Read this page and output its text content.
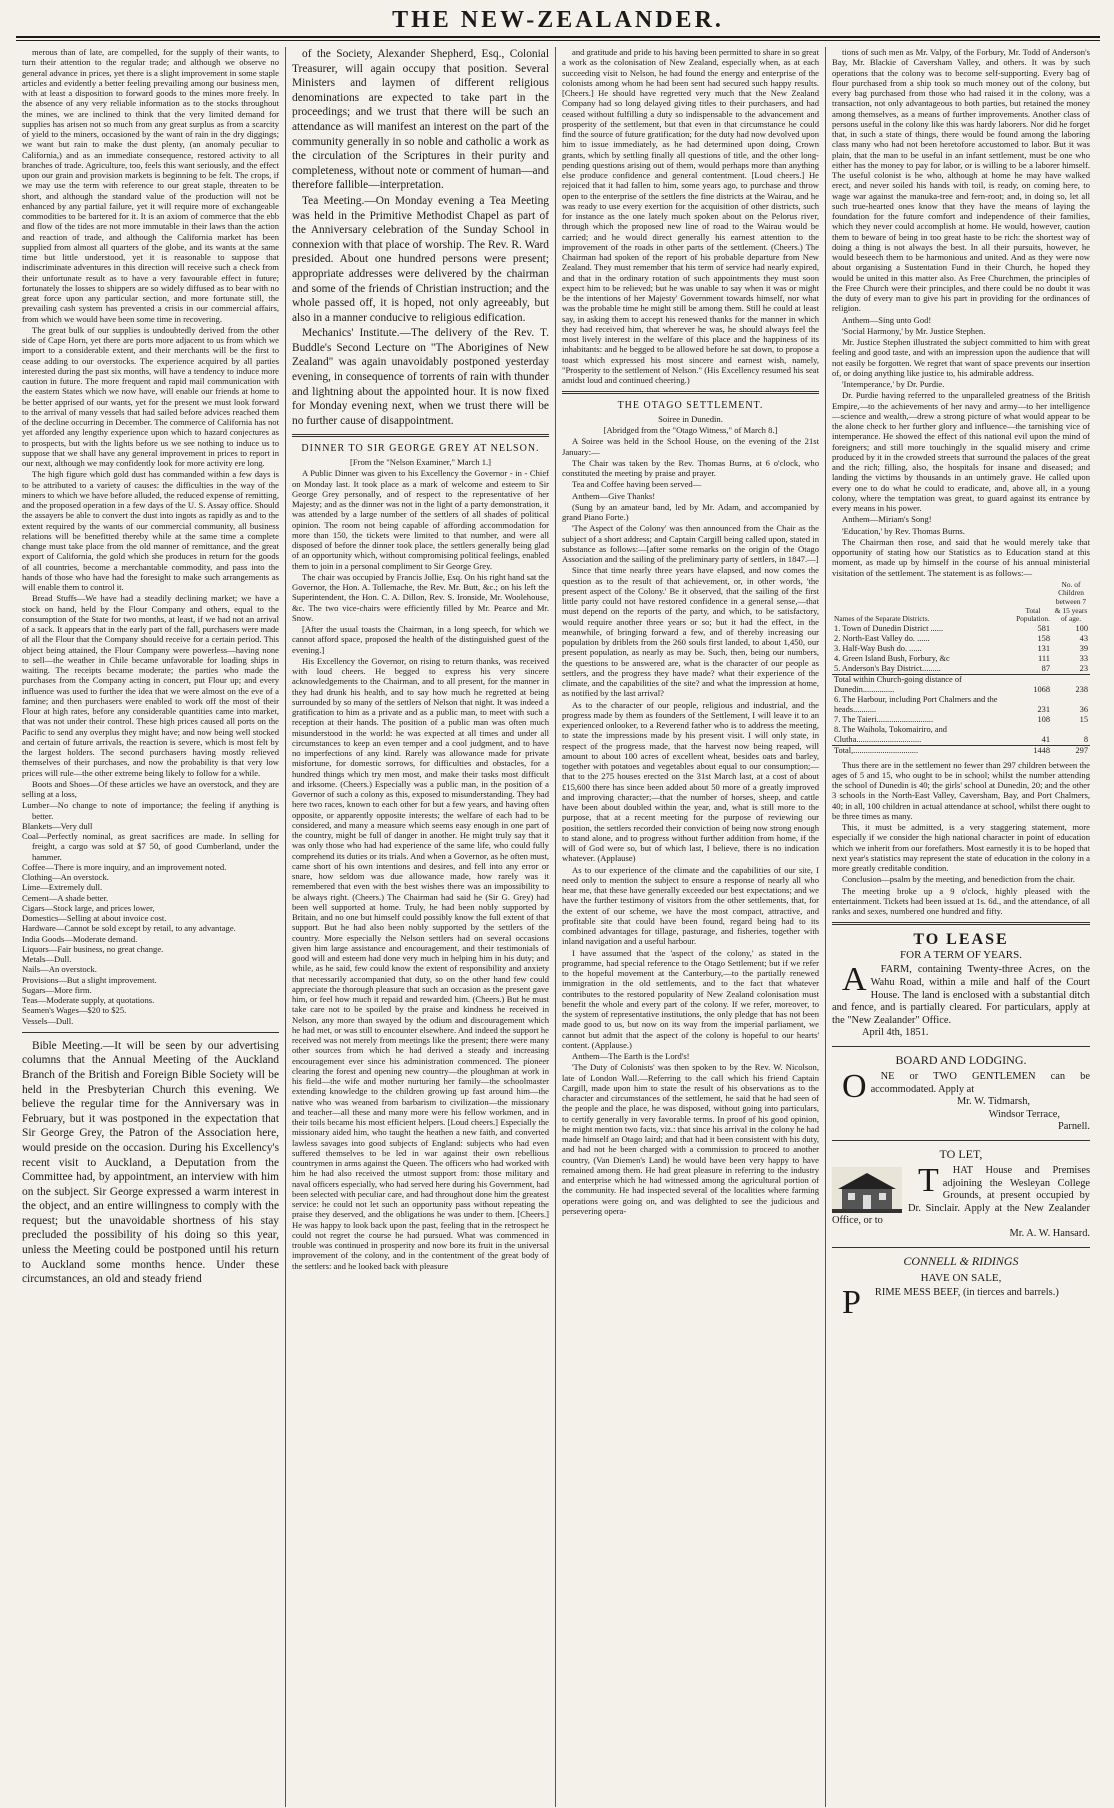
THE NEW-ZEALANDER.

merous than of late, are compelled, for the supply of their wants, to turn their attention to the regular trade; and although we observe no general advance in prices, yet there is a slight improvement in some staple articles and evidently a better feeling prevailing among our business men, with at least a disposition to forward goods to the mines more freely. In the absence of any very reliable information as to the stocks throughout the mines, we are inclined to think that the very limited demand for supplies has arisen not so much from any great surplus as from a scarcity of yield to the miners, occasioned by the want of rain in the dry diggings; we want but rain to make the dust plenty, (an anomaly peculiar to California,) and as an immediate consequence, restored activity to all branches of trade. Agriculture, too, feels this want seriously, and the effect upon our grain and provision markets is beginning to be felt. The crops, if we may use the term with reference to our great staple, threaten to be short, and although the standard value of the production will not be enhanced by any partial failure, yet it will require more of exchangeable commodities to be bartered for it. It is an axiom of commerce that the ebb and flow of the tides are not more immutable in their laws than the action and reaction of trade, and although the California market has been supplied from almost all quarters of the globe, and its wants at the same time but little understood, yet it is reasonable to suppose that indiscriminate adventures in this direction will receive such a check from their unfortunate result as to have a very favourable effect in future; fortunately the losses to shippers are so widely diffused as to bear with no great force upon any particular section, and more fortunate still, the prevailing cash system has prevented a crisis in our commercial affairs, from which we would have been some time in recovering.

The great bulk of our supplies is undoubtedly derived from the other side of Cape Horn, yet there are ports more adjacent to us from which we import to a considerable extent, and their merchants will be the first to cease adding to our overstocks. The experience acquired by all parties interested during the past six months, will have a tendency to induce more caution in future. The more frequent and rapid mail communication with the eastern States which we now have, will enable our friends at home to be better apprised of our wants, yet for the present we must look forward to the arrival of many vessels that had sailed before advices reached them of the decline occurring in December. The commerce of California has not yet afforded any lengthy experience upon which to hazard conjectures as to prospects, but with the lights before us we see nothing to induce us to suppose that we shall have any general improvement in prices to report in our next, although we may confidently look for more activity ere long.

The high figure which gold dust has commanded within a few days is to be attributed to a variety of causes: the difficulties in the way of the miners to which we have before alluded, the reduced expense of remitting, and the proposed operation in a few days of the U. S. Assay office. Should the assayers be able to convert the dust into ingots as rapidly as and to the extent required by the wants of our commercial community, all business relations will be benefitted thereby while at the same time a complete change must take place from the old manner of remittance, and the great export of California, the gold which she produces in return for the goods of all countries, become a merchantable commodity, and pass into the hands of those who have had the foresight to make such arrangements as will enable them to control it.

Bread Stuffs—We have had a steadily declining market; we have a stock on hand, held by the Flour Company and others, equal to the consumption of the State for two months, at least, if we had not an arrival of a sack. It appears that in the early part of the fall, purchasers were made of all the Flour that the Company should receive for a certain period. This object being attained, the Flour Company were powerless—having none to sell—the weather in Chile became unfavorable for loading ships in waiting. The receipts became moderate; the parties who made the purchases from the Company acting in concert, put Flour up; and every influence was used to further the idea that we were almost on the eve of a famine; and then purchasers were enabled to work off the most of their Flour at high rates, before any considerable quantities came into market, that was not under their control. These high prices caused all ports on the Pacific to send any overplus they might have; and now being well stocked and certain of future arrivals, the reaction is severe, which is most felt by the largest holders. The second purchasers having mostly relieved themselves of their purchases, and now the probability is that very low prices will rule—the other extreme being likely to follow for a while.

Boots and Shoes—Of these articles we have an overstock, and they are selling at a loss,

Lumber—No change to note of importance; the feeling if anything is better.

Blankets—Very dull

Coal—Perfectly nominal, as great sacrifices are made. In selling for freight, a cargo was sold at $7 50, of good Cumberland, under the hammer.

Coffee—There is more inquiry, and an improvement noted.

Clothing—An overstock.

Lime—Extremely dull.

Cement—A shade better.

Cigars—Stock large, and prices lower,

Domestics—Selling at about invoice cost.

Hardware—Cannot be sold except by retail, to any advantage.

India Goods—Moderate demand.

Liquors—Fair business, no great change.

Metals—Dull.

Nails—An overstock.

Provisions—But a slight improvement.

Sugars—More firm.

Teas—Moderate supply, at quotations.

Seamen's Wages—$20 to $25.

Vessels—Dull.

Bible Meeting.—It will be seen by our advertising columns that the Annual Meeting of the Auckland Branch of the British and Foreign Bible Society will be held in the Presbyterian Church this evening. We believe the regular time for the Anniversary was in February, but it was postponed in the expectation that Sir George Grey, the Patron of the Association here, would preside on the occasion. During his Excellency's recent visit to Auckland, a Deputation from the Committee had, by appointment, an interview with him on the subject. Sir George expressed a warm interest in the object, and an entire willingness to comply with the request; but the unavoidable shortness of his stay precluded the possibility of his doing so this year, unless the Meeting could be postponed until his return to Auckland some months hence. Under these circumstances, an old and steady friend

of the Society, Alexander Shepherd, Esq., Colonial Treasurer, will again occupy that position. Several Ministers and laymen of different religious denominations are expected to take part in the proceedings; and we trust that there will be such an attendance as will manifest an interest on the part of the community generally in so noble and catholic a work as the circulation of the Scriptures in their purity and completeness, without note or comment of human—and therefore fallible—interpretation.

Tea Meeting.—On Monday evening a Tea Meeting was held in the Primitive Methodist Chapel as part of the Anniversary celebration of the Sunday School in connexion with that place of worship. The Rev. R. Ward presided. About one hundred persons were present; appropriate addresses were delivered by the chairman and some of the friends of Christian instruction; and the whole passed off, it is hoped, not only agreeably, but also in a manner conducive to religious edification.

Mechanics' Institute.—The delivery of the Rev. T. Buddle's Second Lecture on "The Aborigines of New Zealand" was again unavoidably postponed yesterday evening, in consequence of torrents of rain with thunder and lightning about the appointed hour. It is now fixed for Monday evening next, when we trust there will be no further cause of disappointment.

DINNER TO SIR GEORGE GREY AT NELSON.
[From the "Nelson Examiner," March 1.]

A Public Dinner was given to his Excellency the Governor - in - Chief on Monday last. It took place as a mark of welcome and esteem to Sir George Grey personally, and of respect to the representative of her Majesty; and as the dinner was not in the light of a party demonstration, it was attended by a large number of the settlers of all shades of political opinion. The room not being capable of affording accommodation for more than 150, the tickets were limited to that number, and were all disposed of before the dinner took place, the settlers generally being glad of an opportunity which, without compromising political feelings, enabled them to join in a personal compliment to Sir George Grey.

The chair was occupied by Francis Jollie, Esq. On his right hand sat the Governor, the Hon. A. Tollemache, the Rev. Mr. Butt, &c.; on his left the Superintendent, the Hon. C. A. Dillon, Rev. S. Ironside, Mr. Woolehouse, &c. The two vice-chairs were efficiently filled by Mr. Pearce and Mr. Snow.

[After the usual toasts the Chairman, in a long speech, for which we cannot afford space, proposed the health of the distinguished guest of the evening.]

His Excellency the Governor, on rising to return thanks, was received with loud cheers. He begged to express his very sincere acknowledgements to the Chairman, and to all present, for the manner in they had drunk his health, and to say how much he regretted at being surrounded by so many of the settlers of Nelson that night. It was indeed a gratification to him as a private and as a public man, to meet with such a reception at their hands. The position of a public man was often much misunderstood in the world: he was expected at all times and under all circumstances to keep an even temper and a cool judgment, and to have no imperfections of any kind. Rarely was allowance made for private misfortune, for domestic sorrows, for difficulties and obstacles, for a hundred things which try men most, and make their tasks most difficult and irksome. (Cheers.) Especially was a public man, in the position of a Governor of such a colony as this, exposed to misunderstanding. They had here two races, known to each other for but a few years, and having often opposite, or apparently opposite interests; the welfare of each had to be considered, and many a measure which seems easy enough in one part of the country, might be full of danger in another. He might truly say that it was only those who had had experience of the same life, who could fully comprehend its duties or its trials. And when a Governor, as he often must, came short of his own intentions and desires, and fell into any error or snare, how seldom was due allowance made, how rarely was it remembered that even with the best wishes there was an impossibility to be always right. (Cheers.) The Chairman had said he (Sir G. Grey) had been well supported at home. Truly, he had been nobly supported by Britain, and no one but himself could possibly know the full extent of that support. But he had also been nobly supported by the settlers of the country. More especially the Nelson settlers had on several occasions given him large assistance and encouragement, and their testimonials of good will and esteem had done very much in helping him in his duty; and while, as he said, few could know the extent of responsibility and anxiety that necessarily accompanied that duty, so on the other hand few could appreciate the thorough pleasure that such an occasion as the present gave him, or feel how much it repaid and rewarded him. (Cheers.) But he must take care not to be spoiled by the praise and kindness he received in Nelson, any more than swayed by the odium and discouragement which he had met, or was still to encounter elsewhere. And indeed the support he received was not merely from meetings like the present; there were many other sources from which he had derived a steady and increasing encouragement ever since his administration commenced. The pioneer clearing the forest and opening new country—the ploughman at work in his field—the wife and mother nurturing her family—the schoolmaster extending knowledge to the children growing up fast around him—the native who was weaned from barbarism to civilization—the missionary and teacher—all these and many more were his fellow workmen, and in their toils became his most efficient helpers. [Loud cheers.] Especially the missionary aided him, who taught the heathen a new faith, and converted lawless savages into good subjects of England: subjects who had even suffered themselves to be led in war against their own rebellious countrymen in arms against the Queen. The officers who had worked with him he had also received the utmost support from: those military and naval officers especially, who had served here during his Government, had been selected with peculiar care, and had throughout done him the greatest service: he could not let such an opportunity pass without repeating the praise they deserved, and the obligations he was under to them. [Cheers.] He was happy to look back upon the past, feeling that in the retrospect he could not regret the course he had pursued. What was commenced in trouble was continued in prosperity and now bore its fruit in the universal improvement of the colony, and in the contentment of the great body of the settlers: and he looked back with pleasure

and gratitude and pride to his having been permitted to share in so great a work as the colonisation of New Zealand, especially when, as at each succeeding visit to Nelson, he had found the energy and enterprise of the colonists among whom he had been sent had secured such happy results. [Cheers.] He should have regretted very much that the New Zealand Company had so long delayed giving titles to their purchasers, and had ceased without fulfilling a duty so indispensable to the advancement and prosperity of the settlement, but that even in that circumstance he could find the source of future gratification; for the duty had now devolved upon him to issue immediately, as he had determined upon doing, Crown grants, which by settling finally all questions of title, and the other long-pending questions arising out of them, would perhaps more than anything else produce confidence and general contentment. [Loud cheers.] He rejoiced that it had fallen to him, some years ago, to purchase and throw open to the enterprise of the settlers the fine districts at the Wairau, and he was ready to use every exertion for the acquisition of other districts, such for instance as the one lately much spoken about on the Pelorus river, through which the proposed new line of road to the Wairau would be carried; and he would direct generally his earnest attention to the improvement of the roads in other parts of the settlement. (Cheers.) The Chairman had spoken of the report of his probable departure from New Zealand. They must remember that his term of service had nearly expired, and that in the ordinary rotation of such appointments they must soon expect him to be relieved; but he was unable to say when it was or might be the intentions of her Majesty' Government towards himself, nor what was the probable time he might still be among them. Still he could at least say, in asking them to accept his renewed thanks for the manner in which they had received him, that wherever he was, he should always feel the most lively interest in the welfare of this place and the happiness of its inhabitants: and he begged to be allowed before he sat down, to propose a toast which expressed his most sincere and earnest wish, namely, "Prosperity to the settlement of Nelson." (His Excellency resumed his seat amidst loud and continued cheering.)

THE OTAGO SETTLEMENT.
Soiree in Dunedin.
[Abridged from the "Otago Witness," of March 8.]

A Soiree was held in the School House, on the evening of the 21st January:—

The Chair was taken by the Rev. Thomas Burns, at 6 o'clock, who constituted the meeting by praise and prayer.

Tea and Coffee having been served—

Anthem—Give Thanks!

(Sung by an amateur band, led by Mr. Adam, and accompanied by grand Piano Forte.)

'The Aspect of the Colony' was then announced from the Chair as the subject of a short address; and Captain Cargill being called upon, stated in substance as follows:—[after some remarks on the origin of the Otago Association and the sailing of the preliminary party of settlers, in 1847.—]

Since that time nearly three years have elapsed, and now comes the question as to the result of that achievement, or, in other words, 'the present aspect of the Colony.' Be it observed, that the sailing of the first little party could not have restored confidence in a general sense,—that must depend on the reports of the party, and which, to be satisfactory, would require another three years or so; but it had the effect, in the meanwhile, of bringing forward a few, and of thereby increasing our population by driblets from the 260 souls first landed, to about 1,450, our present population, as nearly as may be. Such, then, being our numbers, the questions to be answered are, what is the character of our people as settlers, and the progress they have made? what their experience of the climate, and the capabilities of the site? and what the impression at home, as notified by the last arrival?

As to the character of our people, religious and industrial, and the progress made by them as founders of the Settlement, I will leave it to an experienced onlooker, to a Reverend father who is to address the meeting, to state the impressions made by his present visit. I will only state, in respect of the progress made, that the harvest now being reaped, will amount to about 100 acres of excellent wheat, besides oats and barley, together with potatoes and vegetables about equal to our consumption;—that to the 275 houses erected on the 31st March last, at a cost of about £15,600 there has since been added about 50 more of a greatly improved and improving character;—that the number of horses, sheep, and cattle have been about doubled within the year, and, what is still more to the purpose, that at a recent meeting for the purpose of reviewing our position, the settlers recorded their conviction of being now strong enough to stand alone, and to progress without further addition from home, if the will of God were so, but of which last, I believe, there is no indication whatever. (Applause)

As to our experience of the climate and the capabilities of our site, I need only to mention the subject to ensure a response of nearly all who hear me, that these have generally exceeded our best expectations; and we have the further testimony of visitors from the other settlements, that, for the extent of our scheme, we have the most compact, attractive, and profitable site that could have been found, regard being had to its combined advantages for tillage, pasturage, and fisheries, together with inland navigation and a useful harbour.

I have assumed that the 'aspect of the colony,' as stated in the programme, had special reference to the Otago Settlement; but if we refer to the hopeful movement at the Canterbury,—to the partially renewed immigration in the old settlements, and to the fact that whatever contributes to the restored popularity of New Zealand colonisation must benefit the whole and every part of the colony. If we refer, moreover, to the system of representative institutions, the only pledge that has not been made good to us, but now on its way from the imperial parliament, we cannot but admit that the aspect of the colony is hopeful to our hearts' content. (Applause.)

Anthem—The Earth is the Lord's!

'The Duty of Colonists' was then spoken to by the Rev. W. Nicolson, late of London Wall.—Referring to the call which his friend Captain Cargill, made upon him to state the result of his observations as to the character and circumstances of the settlement, he said that he had seen of the people and the place, he was disposed, without going into particulars, to certify generally in very favorable terms. In proof of his good opinion, he might mention two facts, viz.: that since his arrival in the colony he had made himself an Otago laird; and that had it been consistent with his duty, and had not he been charged with a commission to proceed to another country, (Van Diemen's Land) he would have been very happy to have remained among them. He had great pleasure in referring to the industry and enterprise which he had witnessed among the agricultural portion of the community. He had inspected several of the localities where farming operations were going on, and was delighted to see the judicious and persevering opera-

tions of such men as Mr. Valpy, of the Forbury, Mr. Todd of Anderson's Bay, Mr. Blackie of Caversham Valley, and others. It was by such operations that the colony was to become self-supporting. Every bag of flour purchased from a ship took so much money out of the colony, but every bag purchased from those who had raised it in the colony, was a transaction, not only advantageous to both parties, but retained the money among themselves, as a means of further improvements. Another class of persons useful in the colony like this was hardy laborers. Nor did he forget that, in such a state of things, there would be found among the laboring class many who had not been heretofore accustomed to labor. But it was plain, that the man to be useful in an infant settlement, must be one who either has the money to pay for labor, or is willing to be a laborer himself. The useful colonist is he who, although at home he may have walked erect, and never soiled his hands with toil, is ready, on coming here, to wage war against the manuka-tree and fern-root; and, in doing so, let all such true-hearted ones know that they have the means of laying the foundation for the future comfort and independence of their families, which they never could accomplish at home. He would, however, caution them to beware of being in too great haste to be rich: the shortest way of doing a thing is not always the best. In all their pursuits, however, he would beseech them to be harmonious and united. And as they were now about organising a Sustentation Fund in their Church, he hoped they would be united in this matter also. As Free Churchmen, the principles of the Free Church were their principles, and there could be no doubt it was the duty of every man to give his part in providing for the ordinances of religion.

Anthem—Sing unto God!

'Social Harmony,' by Mr. Justice Stephen.

Mr. Justice Stephen illustrated the subject committed to him with great feeling and good taste, and with an impression upon the audience that will not easily be forgotten. We regret that want of space prevents our insertion of, or doing anything like justice to, his admirable address.

'Intemperance,' by Dr. Purdie.

Dr. Purdie having referred to the unparalleled greatness of the British Empire,—to the achievements of her navy and army—to her intelligence—science and wealth,—drew a strong picture of what would appear to be the alone check to her further glory and influence—the tarnishing vice of intemperance. He showed the effect of this national evil upon the mind of foreigners; and still more touchingly in the squalid misery and crime produced by it in the crowded streets that surround the palaces of the great and the rich; filling, also, the hospitals for insane and diseased; and landing the victims by thousands in an untimely grave. He called upon every one to do what he could to eradicate, and, above all, in a young colony, where the temptation was great, to guard against its entrance by every means in his power.

Anthem—Miriam's Song!

'Education,' by Rev. Thomas Burns.

The Chairman then rose, and said that he would merely take that opportunity of stating how our Statistics as to Education stand at this moment, as made up by himself in the course of his annual ministerial visitation of the settlement. The statement is as follows:—

Names of the Separate Districts.	Total Population.	No. of Children between 7 & 15 years of age.
1. Town of Dunedin District ......	581	100
2. North-East Valley do. ......	158	43
3. Half-Way Bush do. ......	131	39
4. Green Island Bush, Forbury, &c	111	33
5. Anderson's Bay District.........	87	23
Total within Church-going distance of Dunedin...............	1068	238
6. The Harbour, including Port Chalmers and the heads...........	231	36
7. The Taieri...........................	108	15
8. The Waihola, Tokomairiro, and Clutha...............................	41	8
Total,...............................	1448	297

Thus there are in the settlement no fewer than 297 children between the ages of 5 and 15, who ought to be in school; whilst the number attending the school of Dunedin is 40; the girls' school at Dunedin, 20; and the other 3 schools in the North-East Valley, Caversham, Bay, and Port Chalmers, 40; in all, 100 children in actual attendance at school, whilst there ought to be three times as many.

This, it must be admitted, is a very staggering statement, more especially if we consider the high national character in point of education which we inherit from our forefathers. Most earnestly it is to be hoped that next year's statistics may represent the state of education in the colony in a more greatly creditable condition.

Conclusion—psalm by the meeting, and benediction from the chair.

The meeting broke up a 9 o'clock, highly pleased with the entertainment. Tickets had been issued at 1s. 6d., and the attendance, of all ranks and sexes, numbered one hundred and fifty.

TO LEASE
FOR A TERM OF YEARS.

A FARM, containing Twenty-three Acres, on the Wahu Road, within a mile and half of the Court House. The land is enclosed with a substantial ditch and fence, and is partially cleared. For particulars, apply at the "New Zealander" Office.

April 4th, 1851.

BOARD AND LODGING.

O NE or TWO GENTLEMEN can be accommodated. Apply at

Mr. W. Tidmarsh,

Windsor Terrace,

Parnell.

TO LET,

T HAT House and Premises adjoining the Wesleyan College Grounds, at present occupied by Dr. Sinclair. Apply at the New Zealander Office, or to

Mr. A. W. Hansard.

CONNELL & RIDINGS
HAVE ON SALE,

P RIME MESS BEEF, (in tierces and barrels.)
